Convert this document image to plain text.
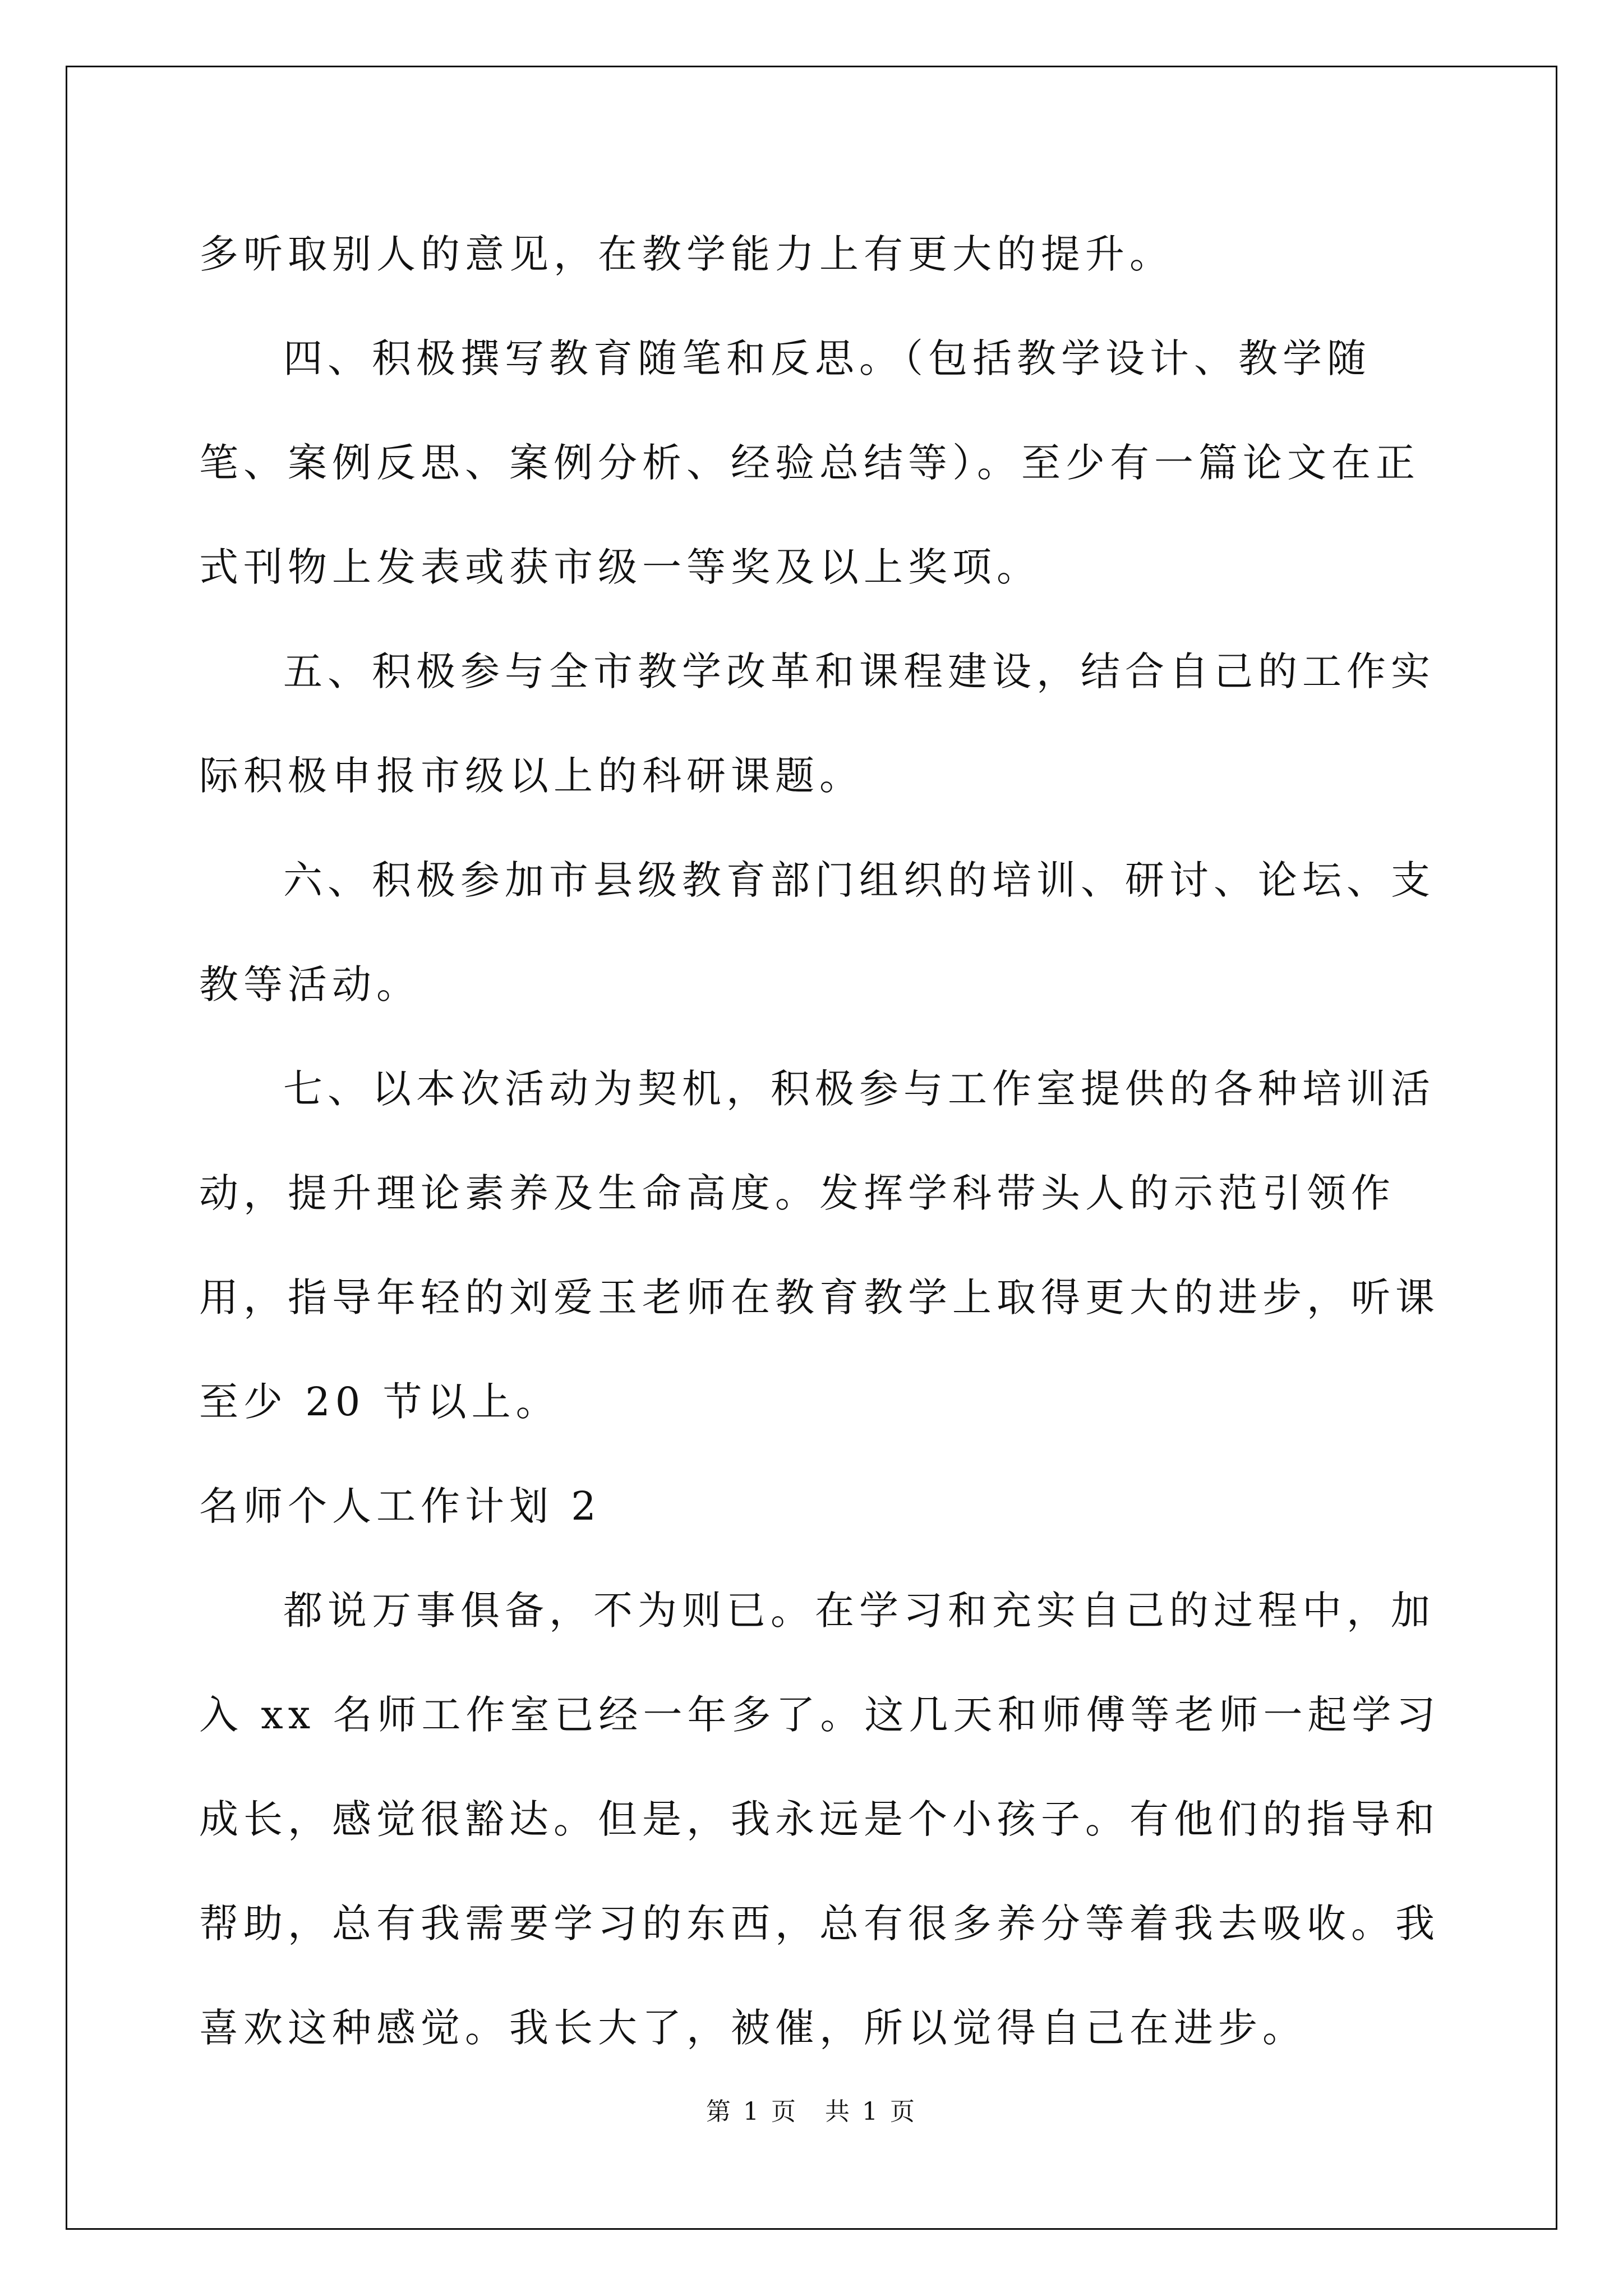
多听取别人的意见，在教学能力上有更大的提升。

四、积极撰写教育随笔和反思。（包括教学设计、教学随笔、案例反思、案例分析、经验总结等）。至少有一篇论文在正式刊物上发表或获市级一等奖及以上奖项。

五、积极参与全市教学改革和课程建设，结合自己的工作实际积极申报市级以上的科研课题。

六、积极参加市县级教育部门组织的培训、研讨、论坛、支教等活动。

七、以本次活动为契机，积极参与工作室提供的各种培训活动，提升理论素养及生命高度。发挥学科带头人的示范引领作用，指导年轻的刘爱玉老师在教育教学上取得更大的进步，听课至少 20 节以上。

名师个人工作计划 2

都说万事俱备，不为则已。在学习和充实自己的过程中，加入 xx 名师工作室已经一年多了。这几天和师傅等老师一起学习成长，感觉很豁达。但是，我永远是个小孩子。有他们的指导和帮助，总有我需要学习的东西，总有很多养分等着我去吸收。我喜欢这种感觉。我长大了，被催，所以觉得自己在进步。

第 1 页　共 1 页
